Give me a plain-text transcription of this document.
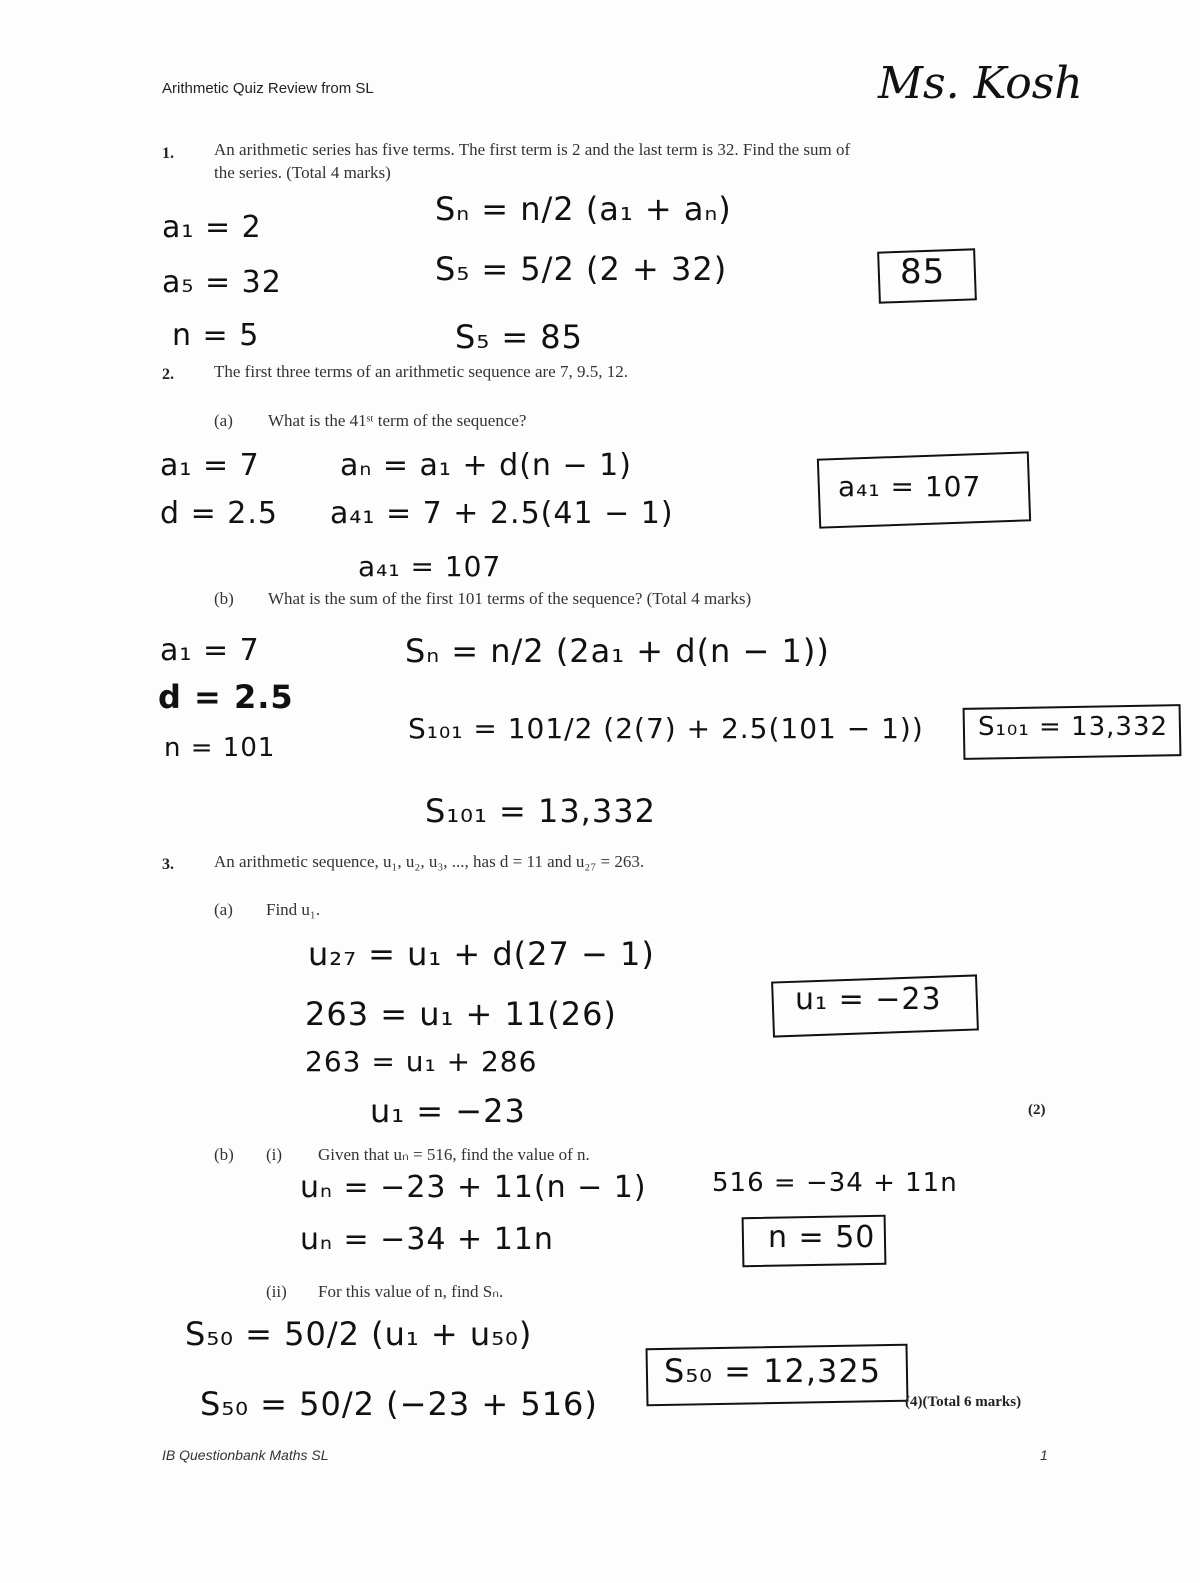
Arithmetic Quiz Review from SL	Ms. Kosh
1. An arithmetic series has five terms. The first term is 2 and the last term is 32. Find the sum of
the series. (Total 4 marks)
a₁ = 2
a₅ = 32
n = 5
Sₙ = n/2 (a₁ + aₙ)
S₅ = 5/2 (2 + 32)
S₅ = 85
85
2. The first three terms of an arithmetic sequence are 7, 9.5, 12.
(a) What is the 41ˢᵗ term of the sequence?
a₁ = 7
d = 2.5
aₙ = a₁ + d(n − 1)
a₄₁ = 7 + 2.5(41 − 1)
a₄₁ = 107
a₄₁ = 107
(b) What is the sum of the first 101 terms of the sequence? (Total 4 marks)
a₁ = 7
d = 2.5
n = 101
Sₙ = n/2 (2a₁ + d(n − 1))
S₁₀₁ = 101/2 (2(7) + 2.5(101 − 1))
S₁₀₁ = 13,332
S₁₀₁ = 13,332
3. An arithmetic sequence, u₁, u₂, u₃, ..., has d = 11 and u₂₇ = 263.
(a) Find u₁.
u₂₇ = u₁ + d(27 − 1)
263 = u₁ + 11(26)
263 = u₁ + 286
u₁ = −23
u₁ = −23
(2)
(b) (i) Given that uₙ = 516, find the value of n.
uₙ = −23 + 11(n − 1)
uₙ = −34 + 11n
516 = −34 + 11n
n = 50
(ii) For this value of n, find Sₙ.
S₅₀ = 50/2 (u₁ + u₅₀)
S₅₀ = 50/2 (−23 + 516)
S₅₀ = 12,325
(4)(Total 6 marks)
IB Questionbank Maths SL	1
